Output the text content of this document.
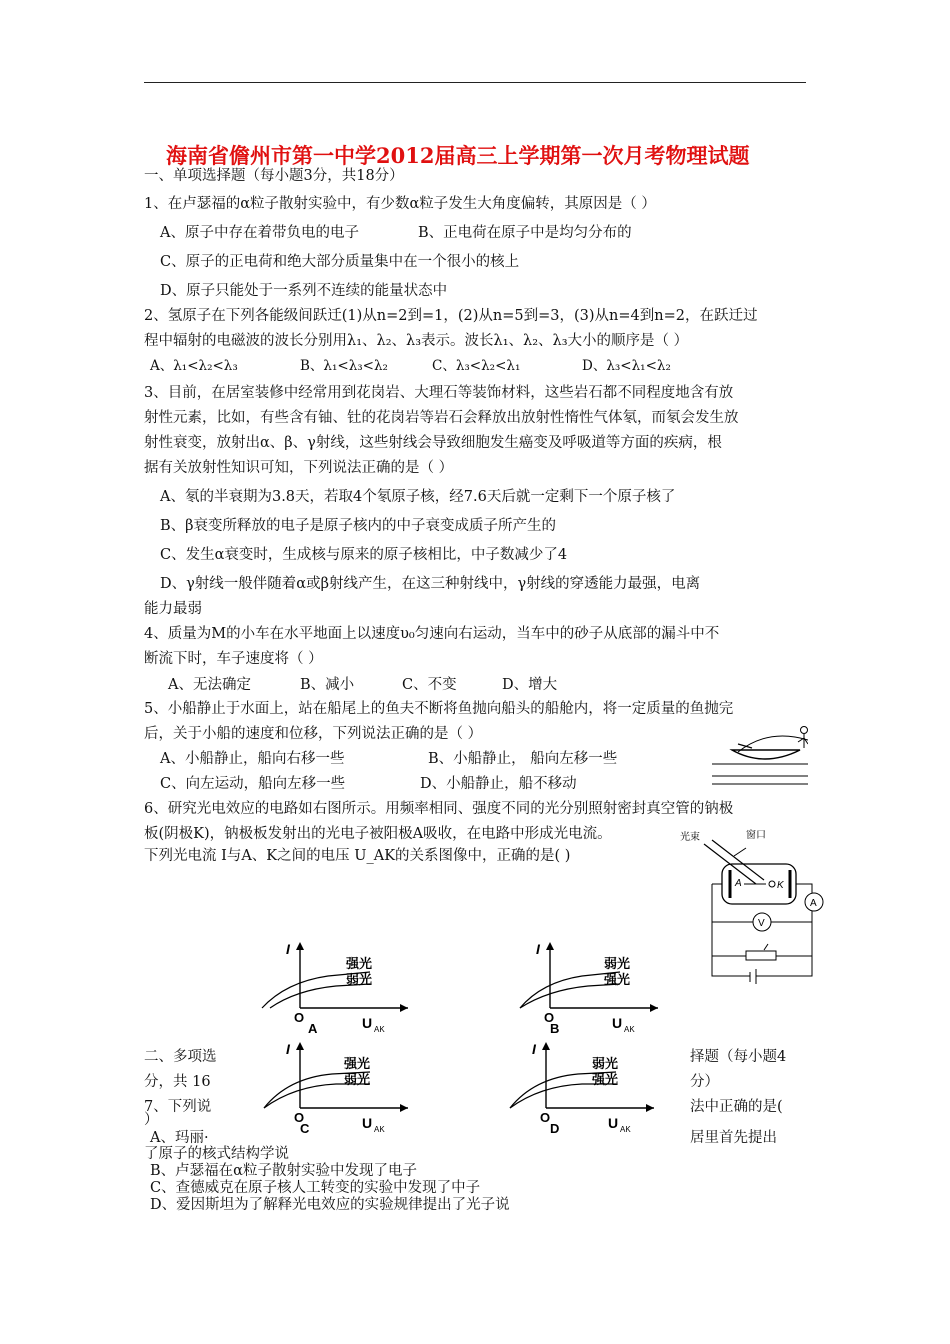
海南省儋州市第一中学2012届高三上学期第一次月考物理试题
一、单项选择题（每小题3分，共18分）
1、在卢瑟福的α粒子散射实验中，有少数α粒子发生大角度偏转，其原因是（ ）
A、原子中存在着带负电的电子	B、正电荷在原子中是均匀分布的
C、原子的正电荷和绝大部分质量集中在一个很小的核上
D、原子只能处于一系列不连续的能量状态中
2、氢原子在下列各能级间跃迁(1)从n=2到=1，(2)从n=5到=3，(3)从n=4到n=2，在跃迁过
程中辐射的电磁波的波长分别用λ₁、λ₂、λ₃表示。波长λ₁、λ₂、λ₃大小的顺序是（ ）
A、λ₁<λ₂<λ₃	B、λ₁<λ₃<λ₂	C、λ₃<λ₂<λ₁	D、λ₃<λ₁<λ₂
3、目前，在居室装修中经常用到花岗岩、大理石等装饰材料，这些岩石都不同程度地含有放
射性元素，比如，有些含有铀、钍的花岗岩等岩石会释放出放射性惰性气体氡，而氡会发生放
射性衰变，放射出α、β、γ射线，这些射线会导致细胞发生癌变及呼吸道等方面的疾病，根
据有关放射性知识可知，下列说法正确的是（ ）
A、氡的半衰期为3.8天，若取4个氡原子核，经7.6天后就一定剩下一个原子核了
B、β衰变所释放的电子是原子核内的中子衰变成质子所产生的
C、发生α衰变时，生成核与原来的原子核相比，中子数减少了4
D、γ射线一般伴随着α或β射线产生，在这三种射线中，γ射线的穿透能力最强，电离
能力最弱
4、质量为M的小车在水平地面上以速度υ₀匀速向右运动，当车中的砂子从底部的漏斗中不
断流下时，车子速度将（ ）
A、无法确定	B、减小	C、不变	D、增大
5、小船静止于水面上，站在船尾上的鱼夫不断将鱼抛向船头的船舱内，将一定质量的鱼抛完
后，关于小船的速度和位移，下列说法正确的是（ ）
A、小船静止，船向右移一些	B、小船静止， 船向左移一些
C、向左运动，船向左移一些	D、小船静止，船不移动
6、研究光电效应的电路如右图所示。用频率相同、强度不同的光分别照射密封真空管的钠极
板(阴极K)，钠极板发射出的光电子被阳极A吸收，在电路中形成光电流。
下列光电流 I与A、K之间的电压 U_AK的关系图像中，正确的是( )
光束	窗口
A	K
A
V
I
强光
弱光
O	U AK
A
I
弱光
强光
O	U AK
B
I
强光
弱光
O	U AK
C
I
弱光
强光
O	U AK
D
二、多项选
分，共 16
7、下列说
）
择题（每小题4
分）
法中正确的是(
居里首先提出
A、玛丽·
了原子的核式结构学说
B、卢瑟福在α粒子散射实验中发现了电子
C、查德威克在原子核人工转变的实验中发现了中子
D、爱因斯坦为了解释光电效应的实验规律提出了光子说
